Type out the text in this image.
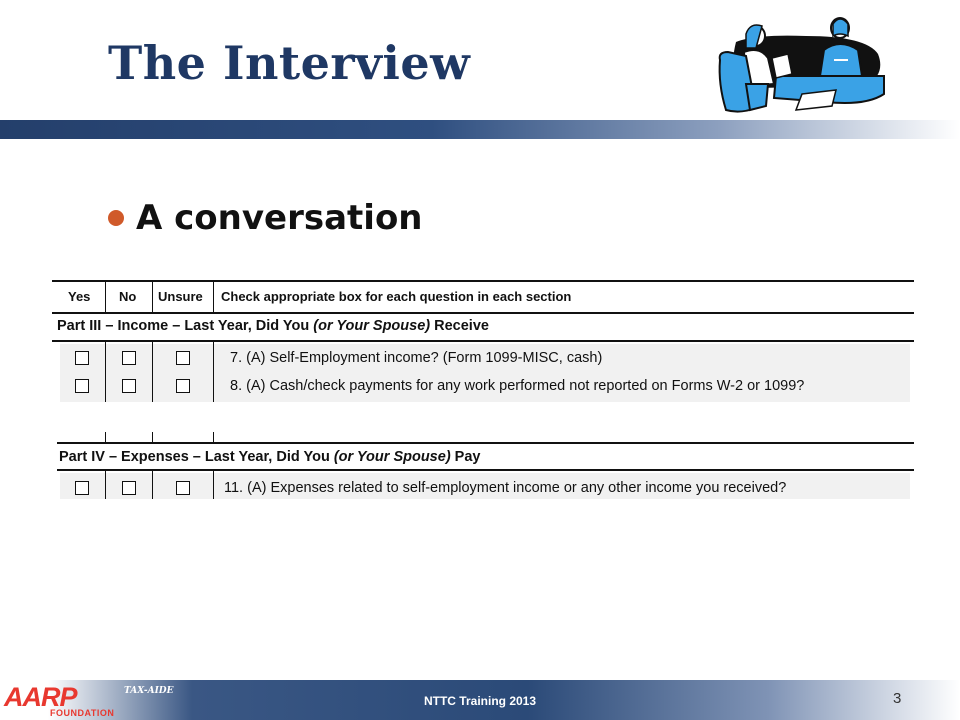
The Interview
A conversation
Yes No Unsure Check appropriate box for each question in each section
Part III – Income – Last Year, Did You (or Your Spouse) Receive
7. (A) Self-Employment income? (Form 1099-MISC, cash)
8. (A) Cash/check payments for any work performed not reported on Forms W-2 or 1099?
Part IV – Expenses – Last Year, Did You (or Your Spouse) Pay
11. (A) Expenses related to self-employment income or any other income you received?
AARP
FOUNDATION
TAX-AIDE
NTTC Training 2013	3
